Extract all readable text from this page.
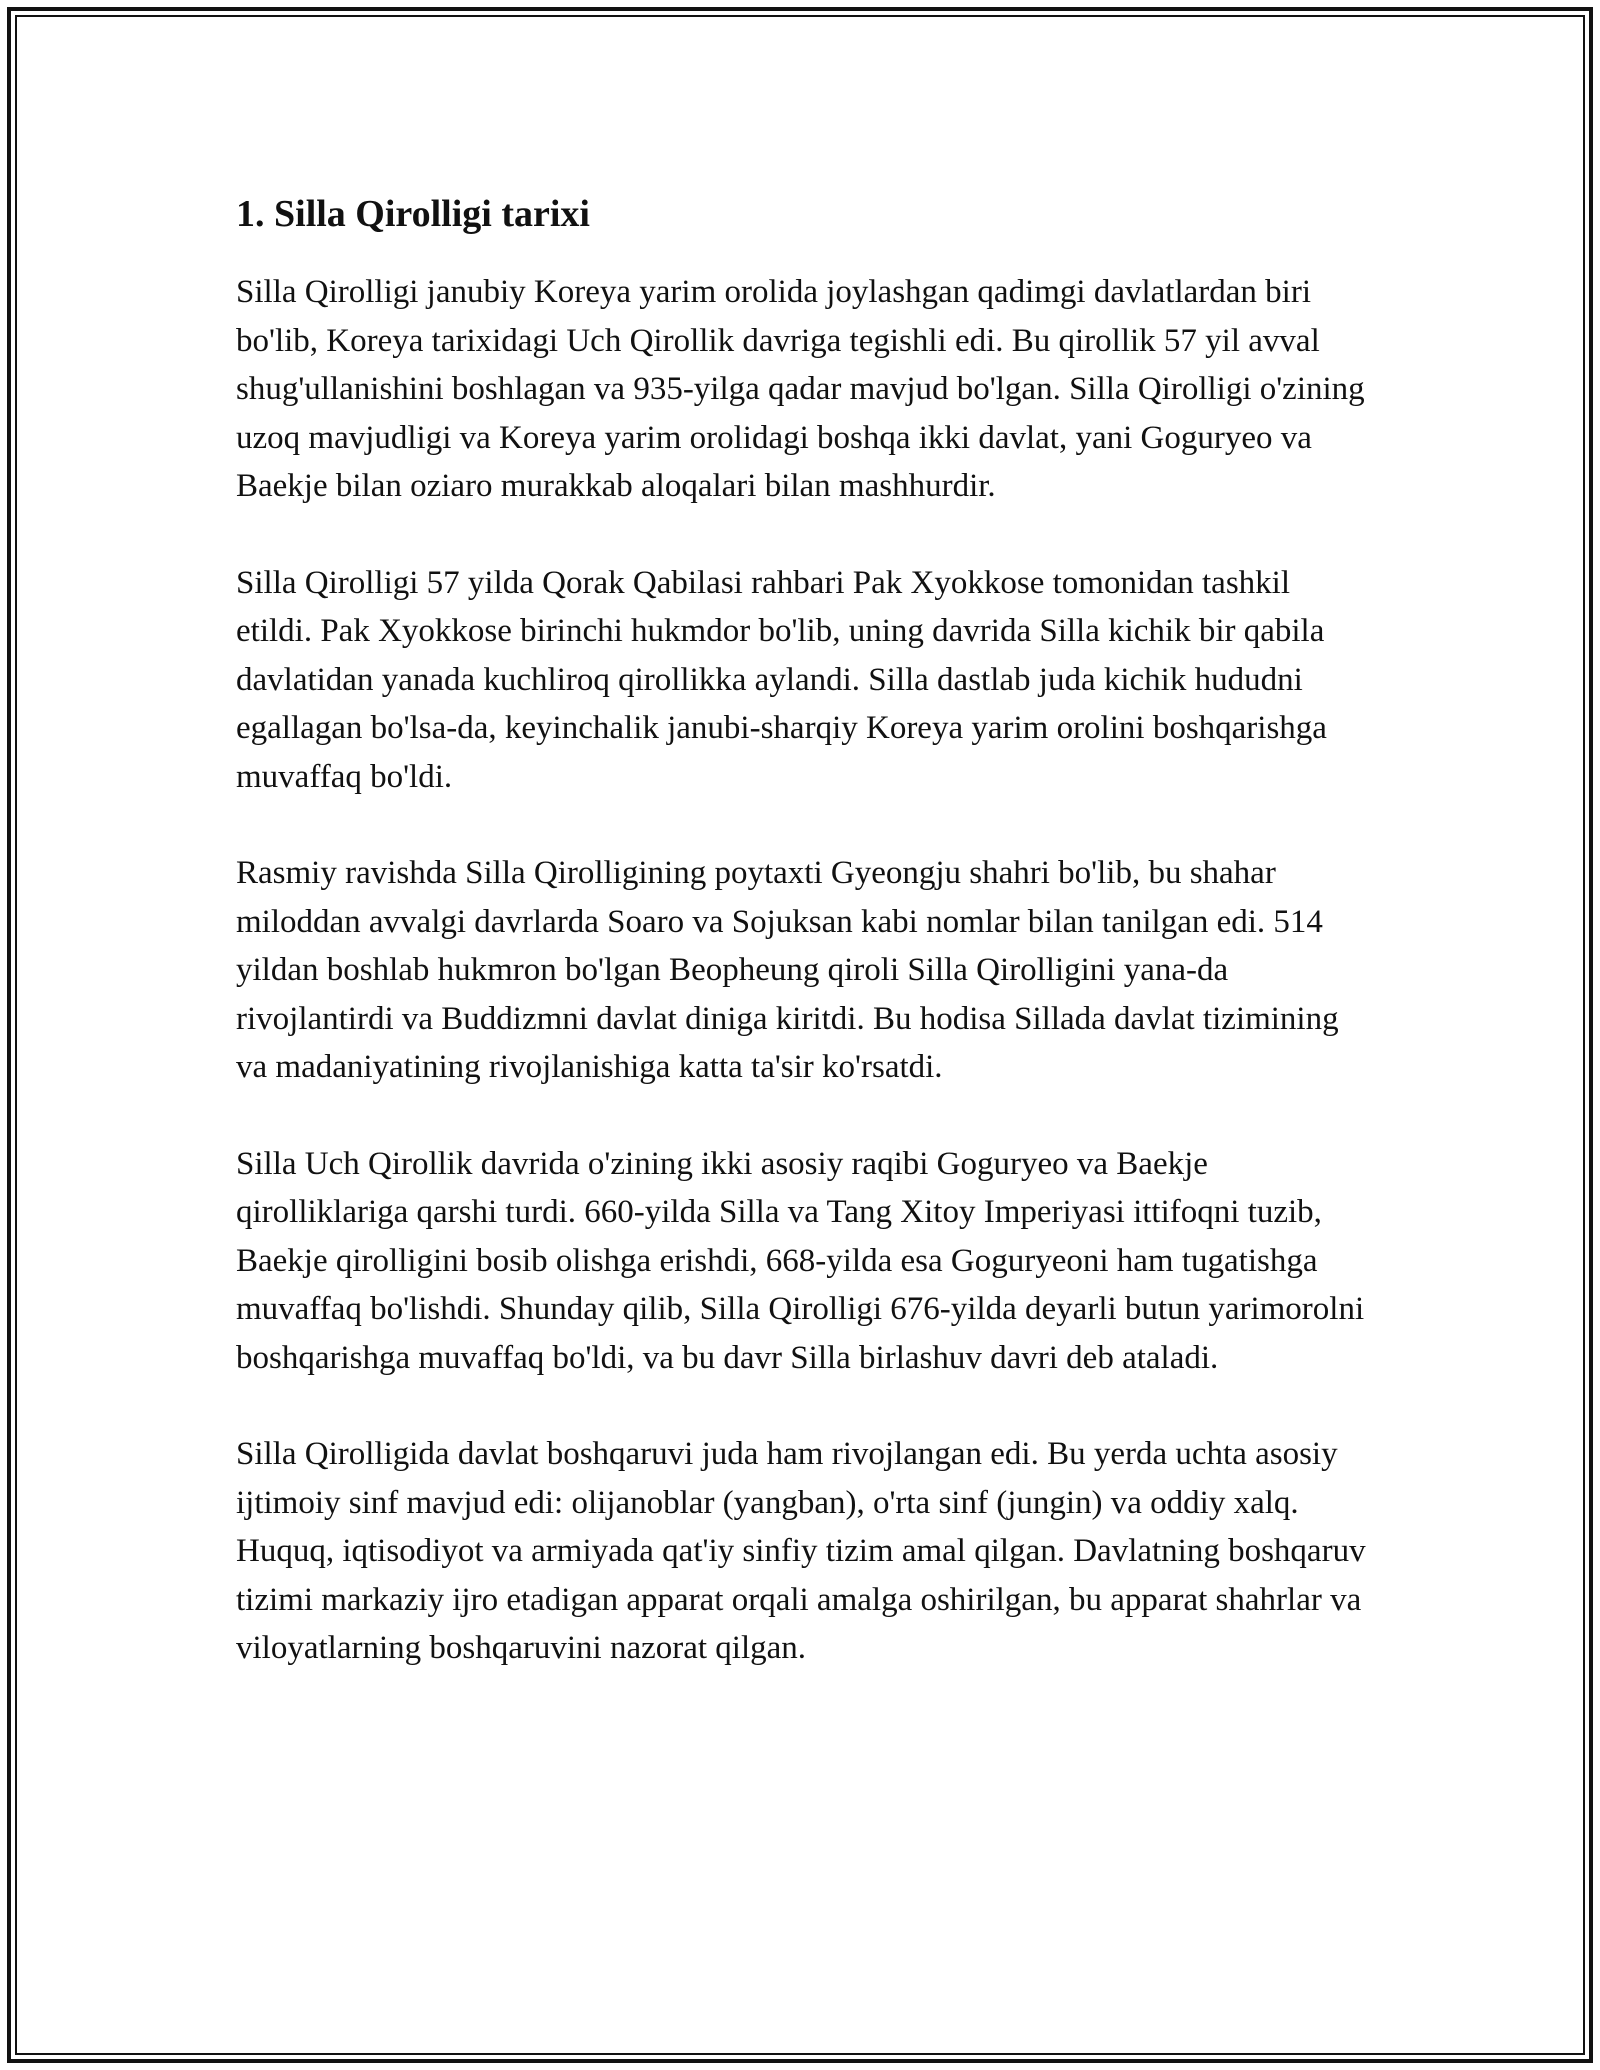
1. Silla Qirolligi tarixi

Silla Qirolligi janubiy Koreya yarim orolida joylashgan qadimgi davlatlardan biri bo'lib, Koreya tarixidagi Uch Qirollik davriga tegishli edi. Bu qirollik 57 yil avval shug'ullanishini boshlagan va 935-yilga qadar mavjud bo'lgan. Silla Qirolligi o'zining uzoq mavjudligi va Koreya yarim orolidagi boshqa ikki davlat, yani Goguryeo va Baekje bilan oziaro murakkab aloqalari bilan mashhurdir.

Silla Qirolligi 57 yilda Qorak Qabilasi rahbari Pak Xyokkose tomonidan tashkil etildi. Pak Xyokkose birinchi hukmdor bo'lib, uning davrida Silla kichik bir qabila davlatidan yanada kuchliroq qirollikka aylandi. Silla dastlab juda kichik hududni egallagan bo'lsa-da, keyinchalik janubi-sharqiy Koreya yarim orolini boshqarishga muvaffaq bo'ldi.

Rasmiy ravishda Silla Qirolligining poytaxti Gyeongju shahri bo'lib, bu shahar miloddan avvalgi davrlarda Soaro va Sojuksan kabi nomlar bilan tanilgan edi. 514 yildan boshlab hukmron bo'lgan Beopheung qiroli Silla Qirolligini yana-da rivojlantirdi va Buddizmni davlat diniga kiritdi. Bu hodisa Sillada davlat tizimining va madaniyatining rivojlanishiga katta ta'sir ko'rsatdi.

Silla Uch Qirollik davrida o'zining ikki asosiy raqibi Goguryeo va Baekje qirolliklariga qarshi turdi. 660-yilda Silla va Tang Xitoy Imperiyasi ittifoqni tuzib, Baekje qirolligini bosib olishga erishdi, 668-yilda esa Goguryeoni ham tugatishga muvaffaq bo'lishdi. Shunday qilib, Silla Qirolligi 676-yilda deyarli butun yarimorolni boshqarishga muvaffaq bo'ldi, va bu davr Silla birlashuv davri deb ataladi.

Silla Qirolligida davlat boshqaruvi juda ham rivojlangan edi. Bu yerda uchta asosiy ijtimoiy sinf mavjud edi: olijanoblar (yangban), o'rta sinf (jungin) va oddiy xalq. Huquq, iqtisodiyot va armiyada qat'iy sinfiy tizim amal qilgan. Davlatning boshqaruv tizimi markaziy ijro etadigan apparat orqali amalga oshirilgan, bu apparat shahrlar va viloyatlarning boshqaruvini nazorat qilgan.
